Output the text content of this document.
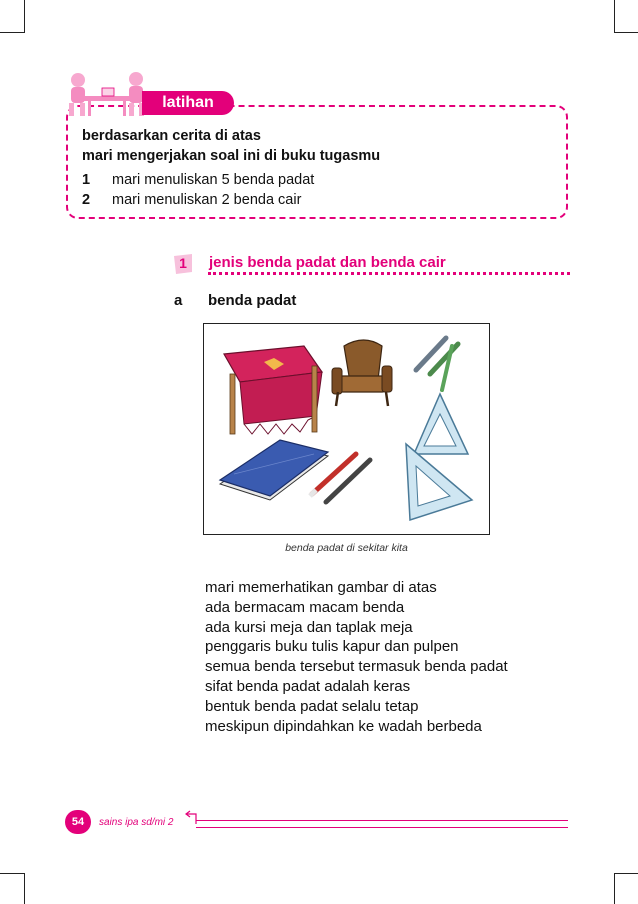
latihan
berdasarkan cerita di atas
mari mengerjakan soal ini di buku tugasmu
1 mari menuliskan 5 benda padat
2 mari menuliskan 2 benda cair
1	jenis benda padat dan benda cair
a benda padat
benda padat di sekitar kita
mari memerhatikan gambar di atas
ada bermacam macam benda
ada kursi meja dan taplak meja
penggaris buku tulis kapur dan pulpen
semua benda tersebut termasuk benda padat
sifat benda padat adalah keras
bentuk benda padat selalu tetap
meskipun dipindahkan ke wadah berbeda
54	sains ipa sd/mi 2
